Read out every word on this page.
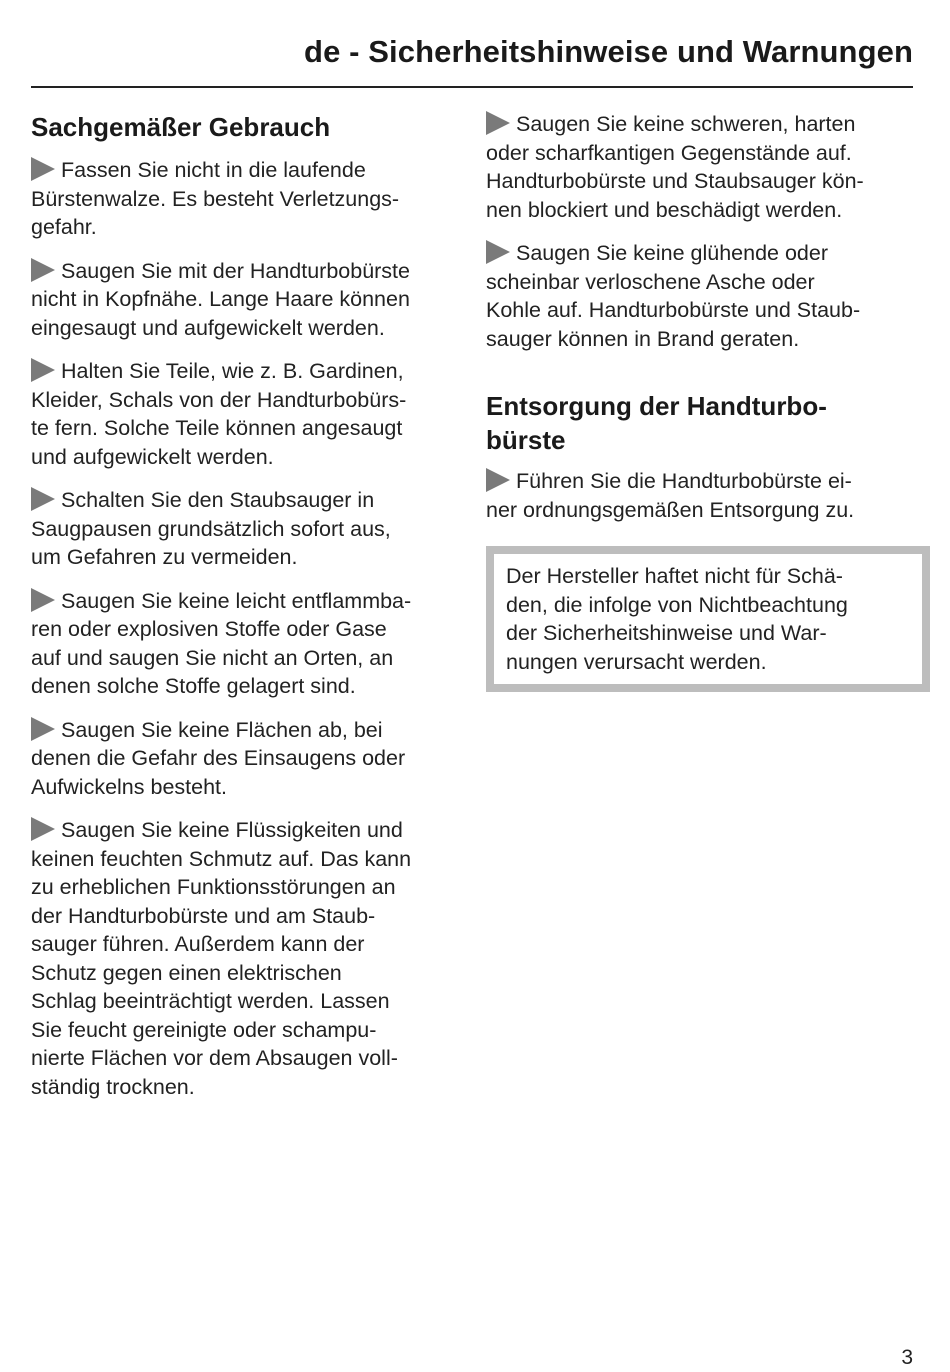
de - Sicherheitshinweise und Warnungen
Sachgemäßer Gebrauch

Fassen Sie nicht in die laufende
Bürstenwalze. Es besteht Verletzungs-
gefahr.

Saugen Sie mit der Handturbobürste
nicht in Kopfnähe. Lange Haare können
eingesaugt und aufgewickelt werden.

Halten Sie Teile, wie z. B. Gardinen,
Kleider, Schals von der Handturbobürs-
te fern. Solche Teile können angesaugt
und aufgewickelt werden.

Schalten Sie den Staubsauger in
Saugpausen grundsätzlich sofort aus,
um Gefahren zu vermeiden.

Saugen Sie keine leicht entflammba-
ren oder explosiven Stoffe oder Gase
auf und saugen Sie nicht an Orten, an
denen solche Stoffe gelagert sind.

Saugen Sie keine Flächen ab, bei
denen die Gefahr des Einsaugens oder
Aufwickelns besteht.

Saugen Sie keine Flüssigkeiten und
keinen feuchten Schmutz auf. Das kann
zu erheblichen Funktionsstörungen an
der Handturbobürste und am Staub-
sauger führen. Außerdem kann der
Schutz gegen einen elektrischen
Schlag beeinträchtigt werden. Lassen
Sie feucht gereinigte oder schampu-
nierte Flächen vor dem Absaugen voll-
ständig trocknen.

Saugen Sie keine schweren, harten
oder scharfkantigen Gegenstände auf.
Handturbobürste und Staubsauger kön-
nen blockiert und beschädigt werden.

Saugen Sie keine glühende oder
scheinbar verloschene Asche oder
Kohle auf. Handturbobürste und Staub-
sauger können in Brand geraten.

Entsorgung der Handturbo-
bürste

Führen Sie die Handturbobürste ei-
ner ordnungsgemäßen Entsorgung zu.

Der Hersteller haftet nicht für Schä-
den, die infolge von Nichtbeachtung
der Sicherheitshinweise und War-
nungen verursacht werden.

3
